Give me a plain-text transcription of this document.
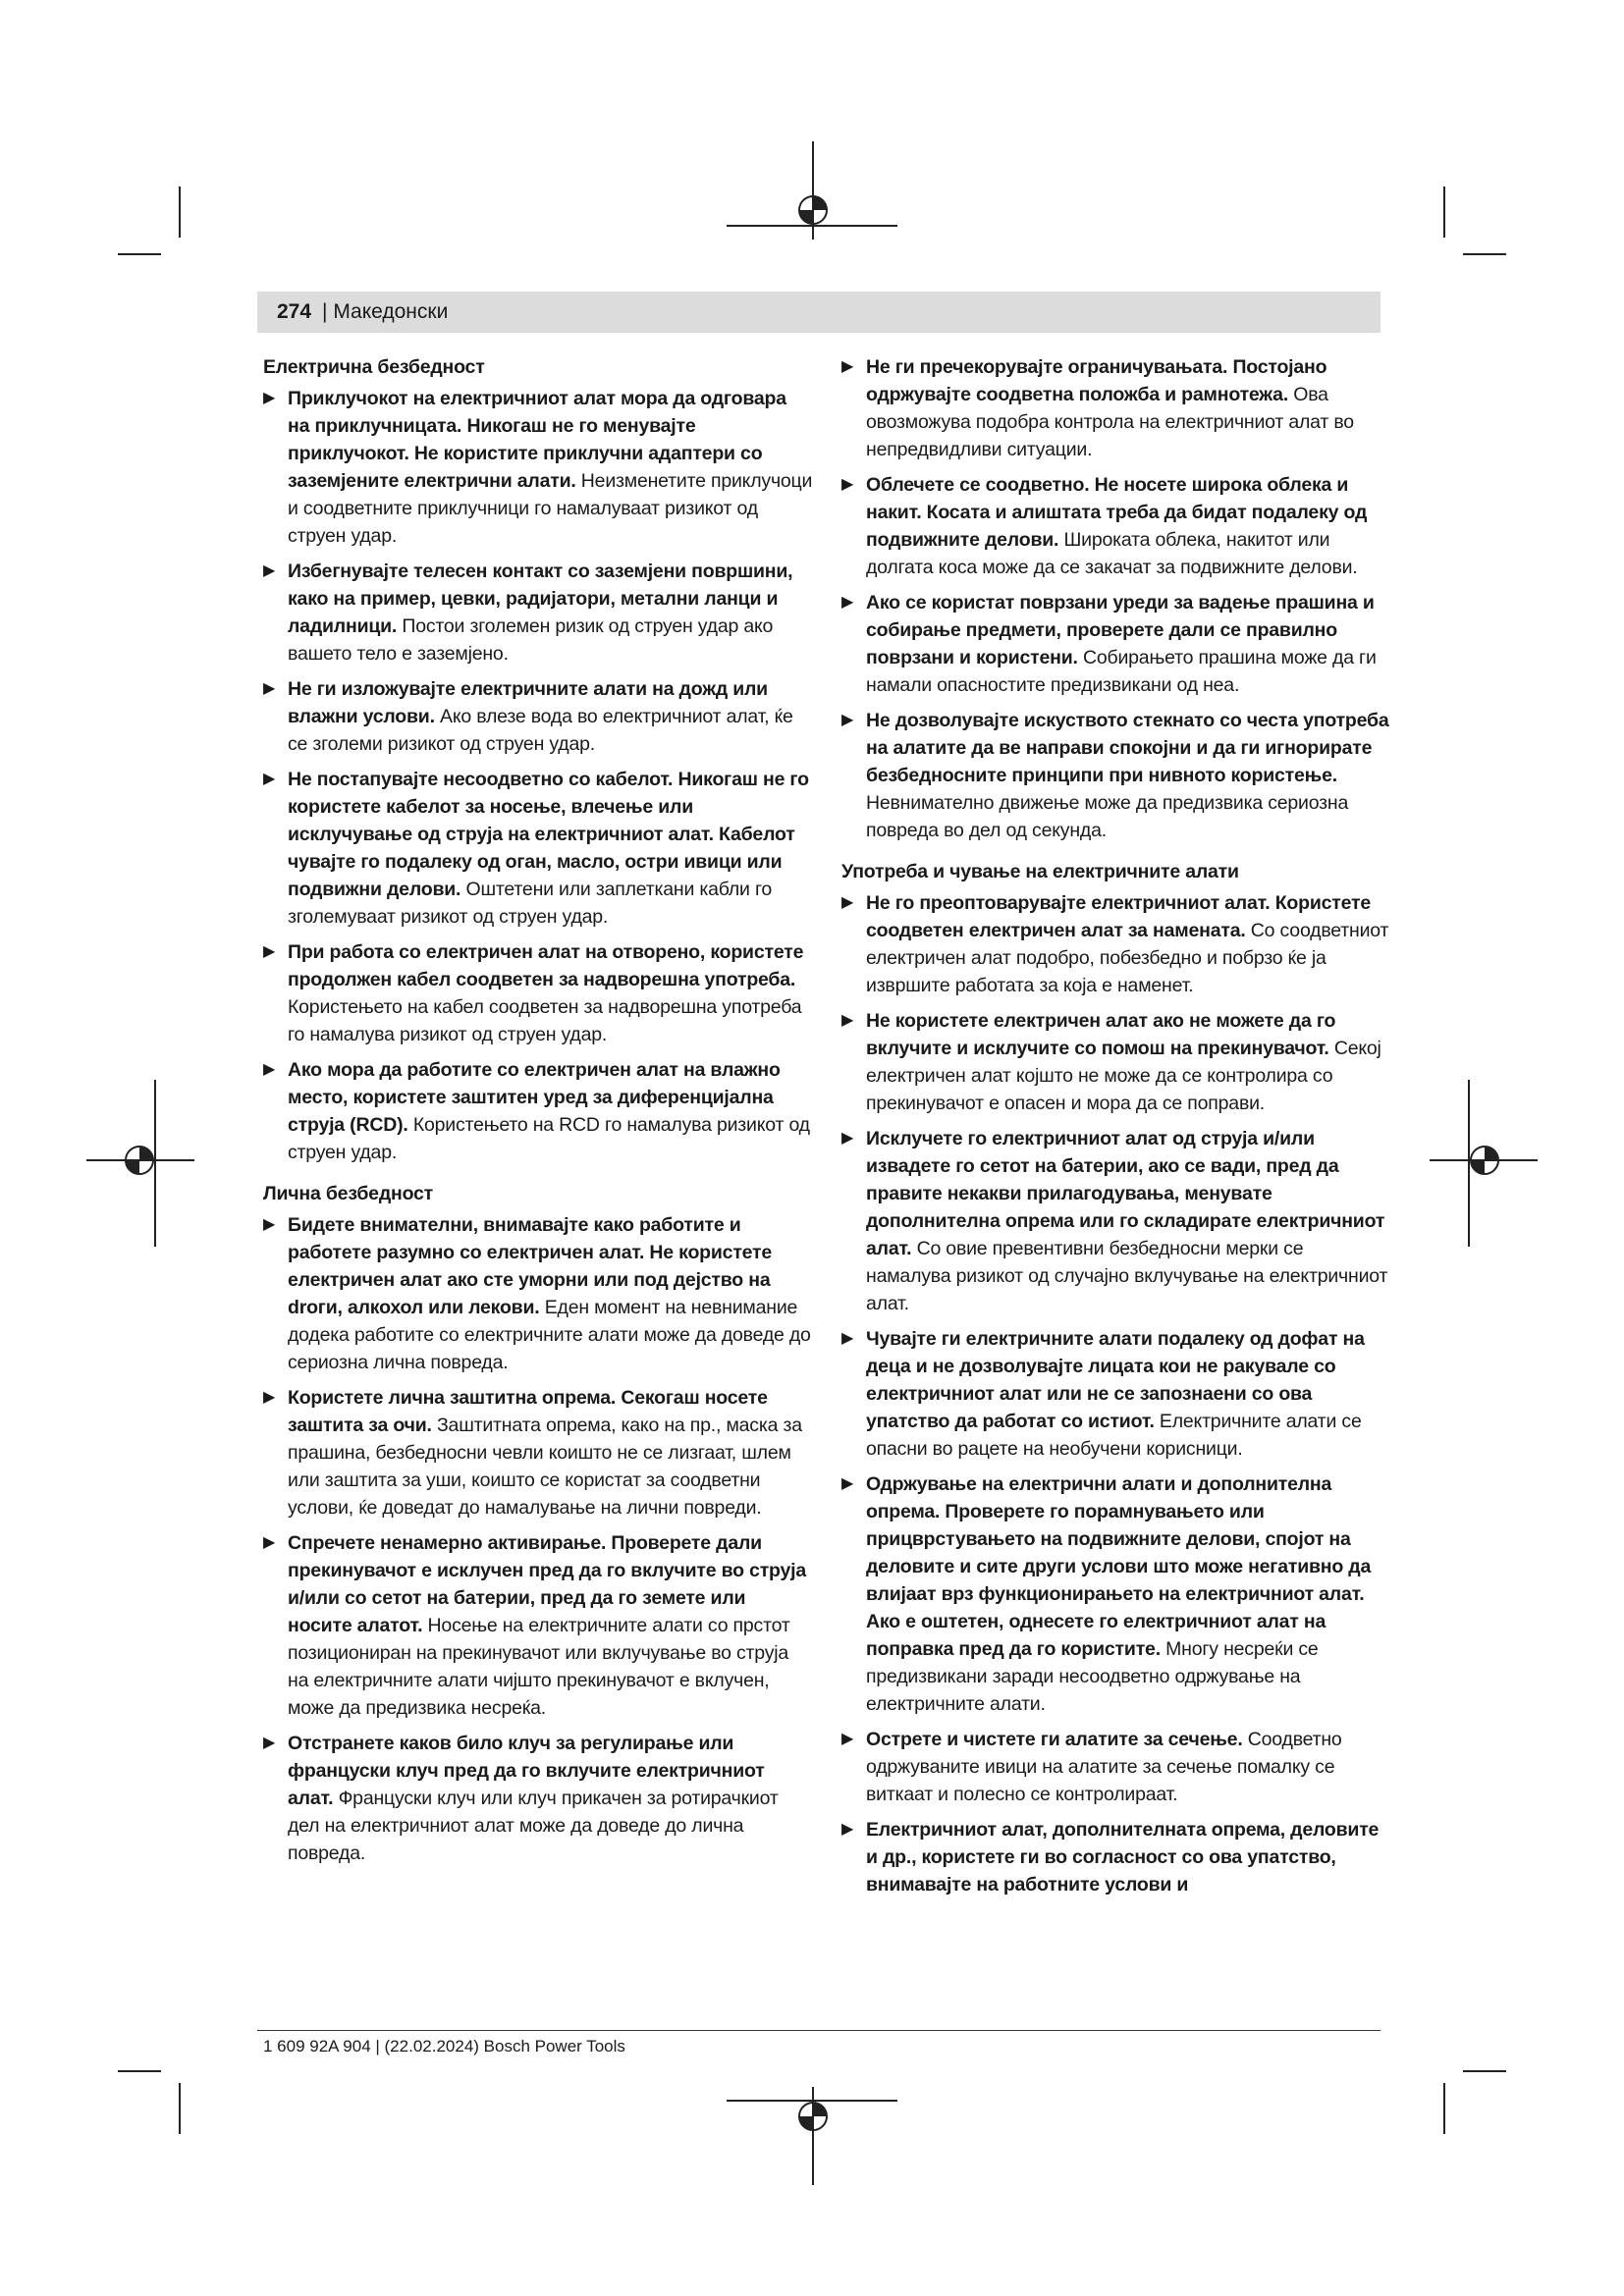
274 | Македонски
Електрична безбедност
▶ Приклучокот на електричниот алат мора да одговара на приклучницата. Никогаш не го менувајте приклучокот. Не користите приклучни адаптери со заземјените електрични алати. Неизменетите приклучоци и соодветните приклучници го намалуваат ризикот од струен удар.
▶ Избегнувајте телесен контакт со заземјени површини, како на пример, цевки, радијатори, метални ланци и ладилници. Постои зголемен ризик од струен удар ако вашето тело е заземјено.
▶ Не ги изложувајте електричните алати на дожд или влажни услови. Ако влезе вода во електричниот алат, ќе се зголеми ризикот од струен удар.
▶ Не постапувајте несоодветно со кабелот. Никогаш не го користете кабелот за носење, влечење или исклучување од струја на електричниот алат. Кабелот чувајте го подалеку од оган, масло, остри ивици или подвижни делови. Оштетени или заплеткани кабли го зголемуваат ризикот од струен удар.
▶ При работа со електричен алат на отворено, користете продолжен кабел соодветен за надворешна употреба. Користењето на кабел соодветен за надворешна употреба го намалува ризикот од струен удар.
▶ Ако мора да работите со електричен алат на влажно место, користете заштитен уред за диференцијална струја (RCD). Користењето на RCD го намалува ризикот од струен удар.
Лична безбедност
▶ Бидете внимателни, внимавајте како работите и работете разумно со електричен алат. Не користете електричен алат ако сте уморни или под дејство на droги, алкохол или лекови. Еден момент на невнимание додека работите со електричните алати може да доведе до сериозна лична повреда.
▶ Користете лична заштитна опрема. Секогаш носете заштита за очи. Заштитната опрема, како на пр., маска за прашина, безбедносни чевли коишто не се лизгаат, шлем или заштита за уши, коишто се користат за соодветни услови, ќе доведат до намалување на лични повреди.
▶ Спречете ненамерно активирање. Проверете дали прекинувачот е исклучен пред да го вклучите во струја и/или со сетот на батерии, пред да го земете или носите алатот. Носење на електричните алати со прстот позициониран на прекинувачот или вклучување во струја на електричните алати чијшто прекинувачот е вклучен, може да предизвика несреќа.
▶ Отстранете каков било клуч за регулирање или француски клуч пред да го вклучите електричниот алат. Француски клуч или клуч прикачен за ротирачкиот дел на електричниот алат може да доведе до лична повреда.
▶ Не ги пречекорувајте ограничувањата. Постојано одржувајте соодветна положба и рамнотежа. Ова овозможува подобра контрола на електричниот алат во непредвидливи ситуации.
▶ Облечете се соодветно. Не носете широка облека и накит. Косата и алиштата треба да бидат подалеку од подвижните делови. Широката облека, накитот или долгата коса може да се закачат за подвижните делови.
▶ Ако се користат поврзани уреди за вадење прашина и собирање предмети, проверете дали се правилно поврзани и користени. Собирањето прашина може да ги намали опасностите предизвикани од неа.
▶ Не дозволувајте искуството стекнато со честа употреба на алатите да ве направи спокојни и да ги игнорирате безбедносните принципи при нивното користење. Невнимателно движење може да предизвика сериозна повреда во дел од секунда.
Употреба и чување на електричните алати
▶ Не го преоптоварувајте електричниот алат. Користете соодветен електричен алат за намената. Со соодветниот електричен алат подобро, побезбедно и побрзо ќе ја извршите работата за која е наменет.
▶ Не користете електричен алат ако не можете да го вклучите и исклучите со помош на прекинувачот. Секој електричен алат којшто не може да се контролира со прекинувачот е опасен и мора да се поправи.
▶ Исклучете го електричниот алат од струја и/или извадете го сетот на батерии, ако се вади, пред да правите некакви прилагодувања, менувате дополнителна опрема или го складирате електричниот алат. Со овие превентивни безбедносни мерки се намалува ризикот од случајно вклучување на електричниот алат.
▶ Чувајте ги електричните алати подалеку од дофат на деца и не дозволувајте лицата кои не ракувале со електричниот алат или не се запознаени со ова упатство да работат со истиот. Електричните алати се опасни во рацете на необучени корисници.
▶ Одржување на електрични алати и дополнителна опрема. Проверете го порамнувањето или прицврстувањето на подвижните делови, спојот на деловите и сите други услови што може негативно да влијаат врз функционирањето на електричниот алат. Ако е оштетен, однесете го електричниот алат на поправка пред да го користите. Многу несреќи се предизвикани заради несоодветно одржување на електричните алати.
▶ Острете и чистете ги алатите за сечење. Соодветно одржуваните ивици на алатите за сечење помалку се виткаат и полесно се контролираат.
▶ Електричниот алат, дополнителната опрема, деловите и др., користете ги во согласност со ова упатство, внимавајте на работните услови и
1 609 92A 904 | (22.02.2024) Bosch Power Tools
